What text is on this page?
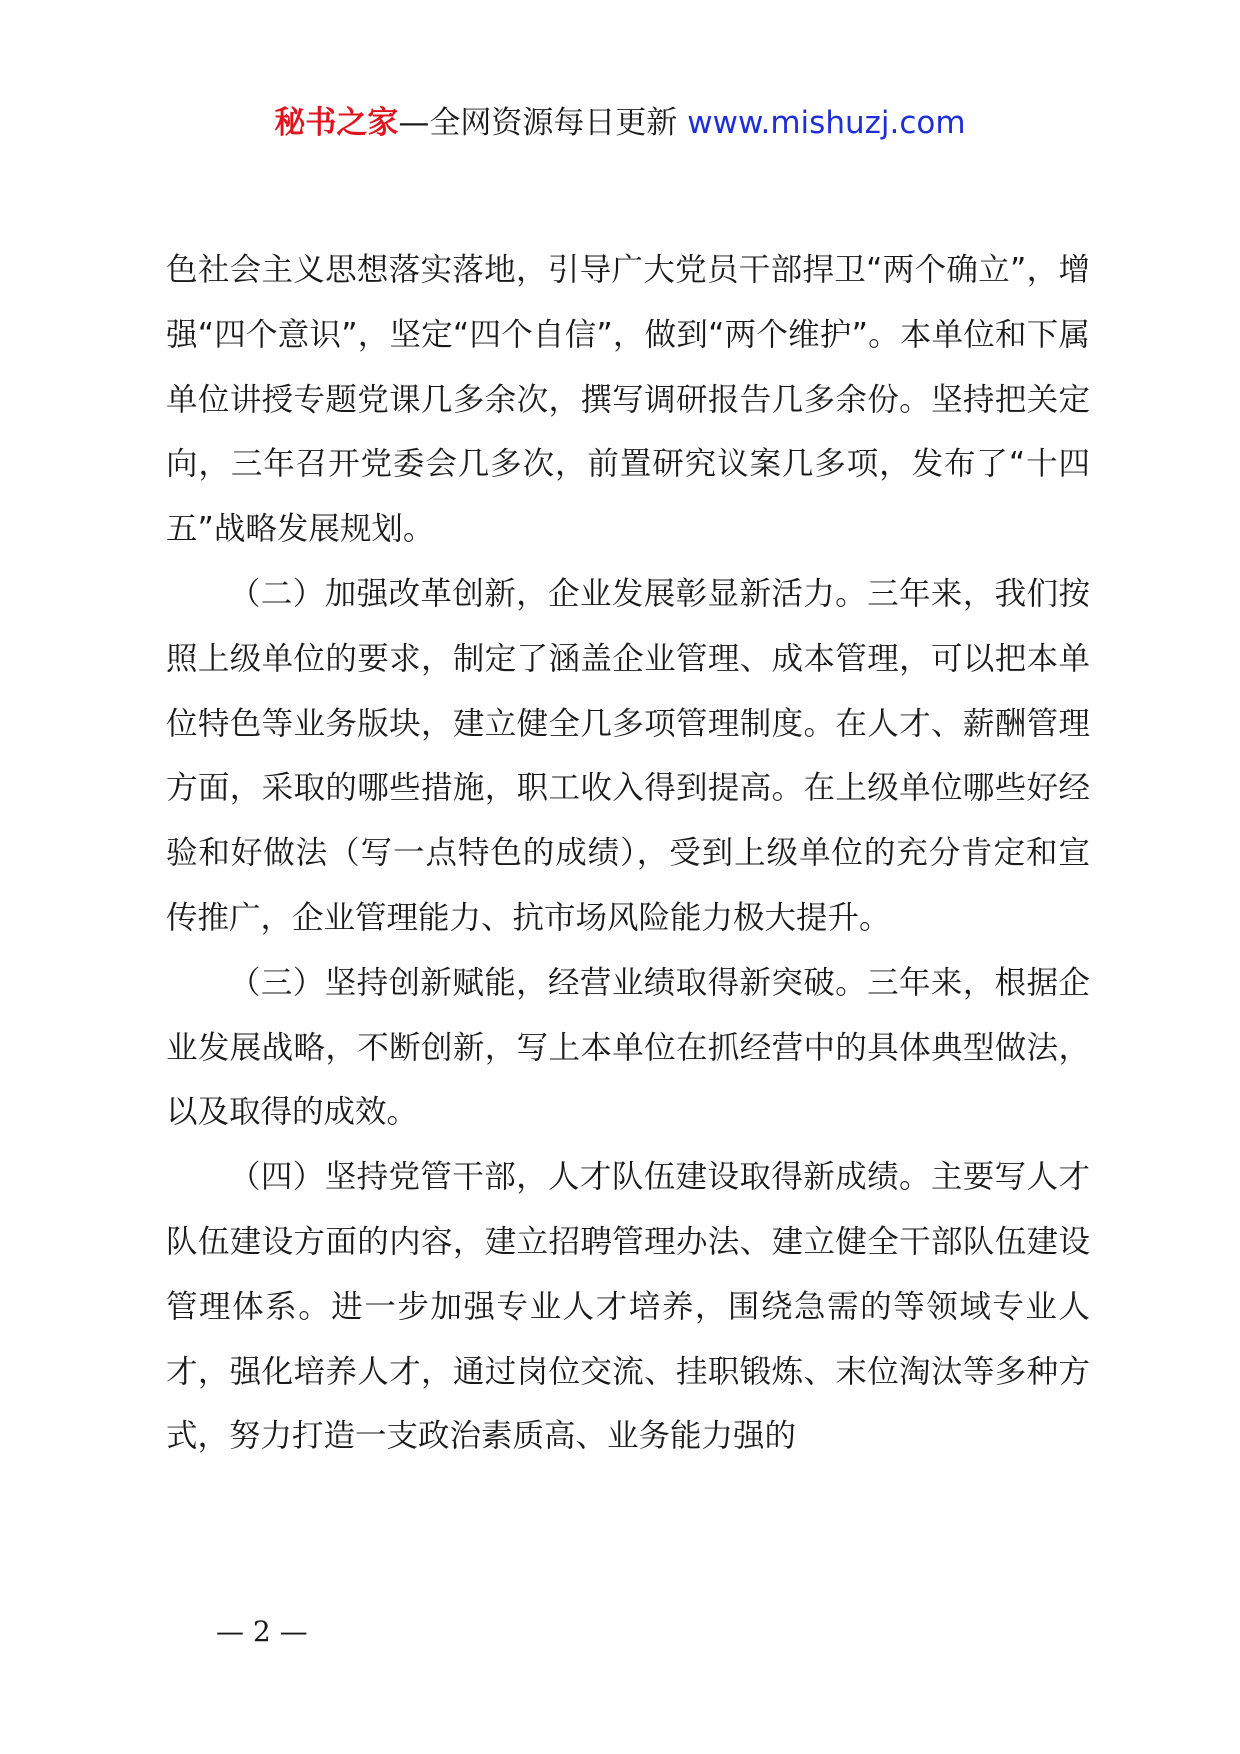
秘书之家—全网资源每日更新 www.mishuzj.com

色社会主义思想落实落地，引导广大党员干部捍卫“两个确立”，增强“四个意识”，坚定“四个自信”，做到“两个维护”。本单位和下属单位讲授专题党课几多余次，撰写调研报告几多余份。坚持把关定向，三年召开党委会几多次，前置研究议案几多项，发布了“十四五”战略发展规划。

（二）加强改革创新，企业发展彰显新活力。三年来，我们按照上级单位的要求，制定了涵盖企业管理、成本管理，可以把本单位特色等业务版块，建立健全几多项管理制度。在人才、薪酬管理方面，采取的哪些措施，职工收入得到提高。在上级单位哪些好经验和好做法（写一点特色的成绩），受到上级单位的充分肯定和宣传推广，企业管理能力、抗市场风险能力极大提升。

（三）坚持创新赋能，经营业绩取得新突破。三年来，根据企业发展战略，不断创新，写上本单位在抓经营中的具体典型做法，以及取得的成效。

（四）坚持党管干部，人才队伍建设取得新成绩。主要写人才队伍建设方面的内容，建立招聘管理办法、建立健全干部队伍建设管理体系。进一步加强专业人才培养，围绕急需的等领域专业人才，强化培养人才，通过岗位交流、挂职锻炼、末位淘汰等多种方式，努力打造一支政治素质高、业务能力强的

— 2 —
